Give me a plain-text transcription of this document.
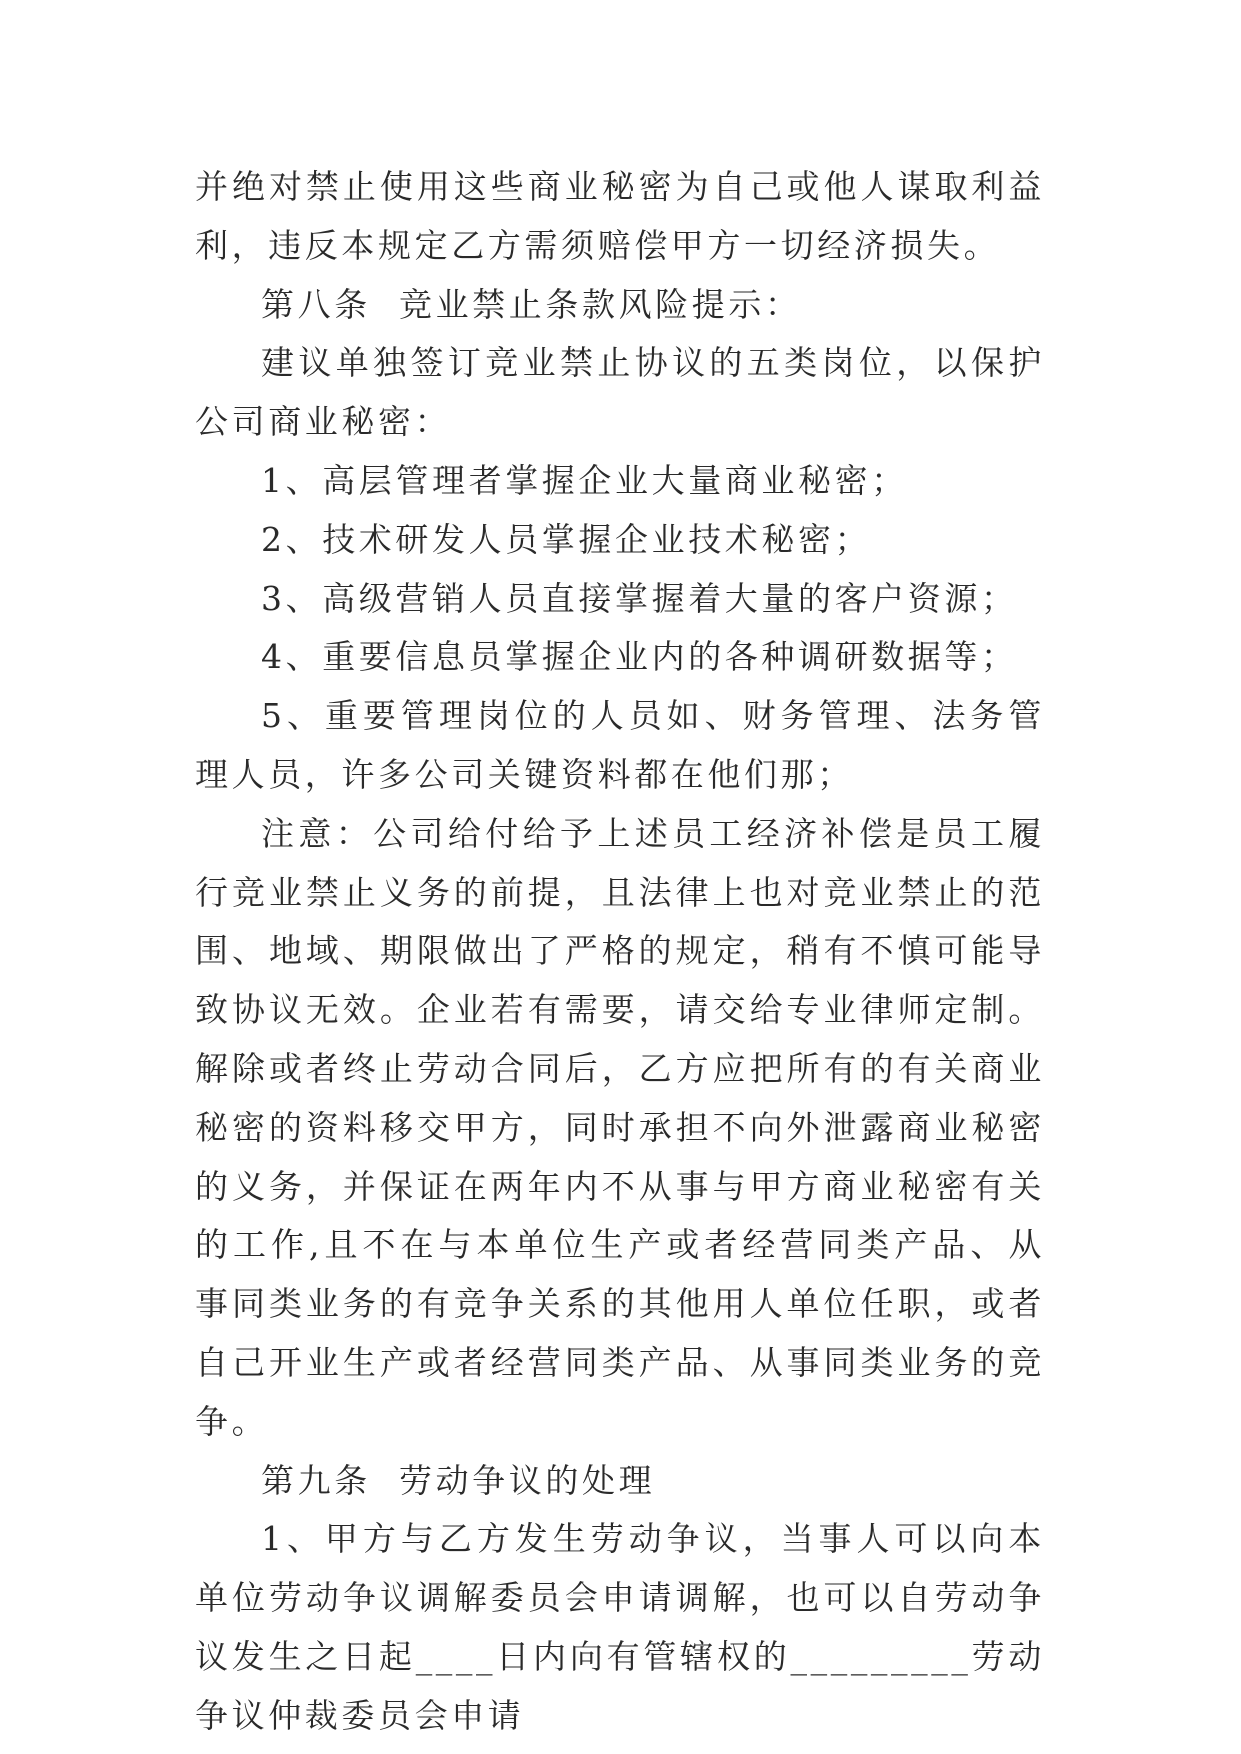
并绝对禁止使用这些商业秘密为自己或他人谋取利益利，违反本规定乙方需须赔偿甲方一切经济损失。

第八条  竞业禁止条款风险提示：

建议单独签订竞业禁止协议的五类岗位，以保护公司商业秘密：

1、高层管理者掌握企业大量商业秘密；

2、技术研发人员掌握企业技术秘密；

3、高级营销人员直接掌握着大量的客户资源；

4、重要信息员掌握企业内的各种调研数据等；

5、重要管理岗位的人员如、财务管理、法务管理人员，许多公司关键资料都在他们那；

注意：公司给付给予上述员工经济补偿是员工履行竞业禁止义务的前提，且法律上也对竞业禁止的范围、地域、期限做出了严格的规定，稍有不慎可能导致协议无效。企业若有需要，请交给专业律师定制。 解除或者终止劳动合同后，乙方应把所有的有关商业秘密的资料移交甲方，同时承担不向外泄露商业秘密的义务，并保证在两年内不从事与甲方商业秘密有关的工作,且不在与本单位生产或者经营同类产品、从事同类业务的有竞争关系的其他用人单位任职，或者自己开业生产或者经营同类产品、从事同类业务的竞争。

第九条  劳动争议的处理

1、甲方与乙方发生劳动争议，当事人可以向本单位劳动争议调解委员会申请调解，也可以自劳动争议发生之日起____日内向有管辖权的_________劳动争议仲裁委员会申请
